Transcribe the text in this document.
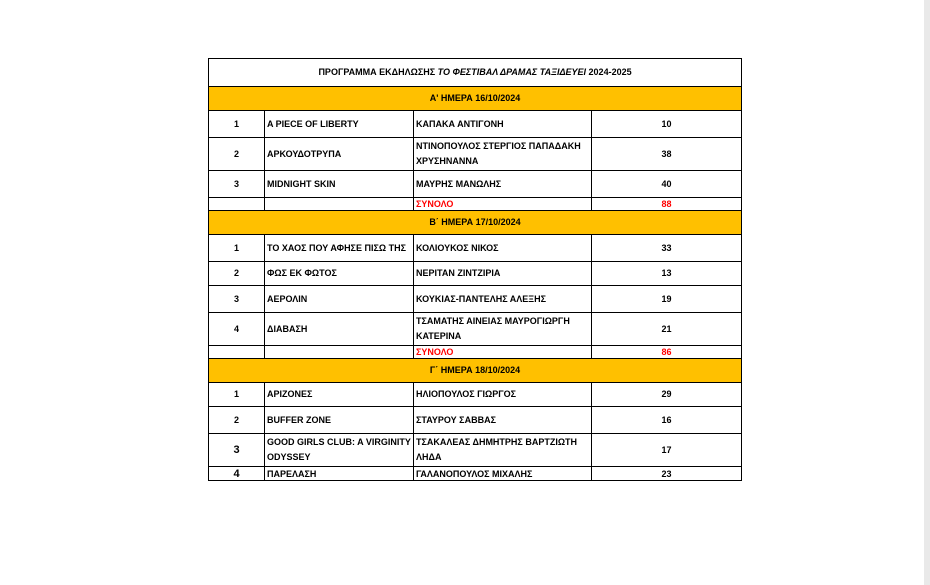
ΠΡΟΓΡΑΜΜΑ ΕΚΔΗΛΩΣΗΣ ΤΟ ΦΕΣΤΙΒΑΛ ΔΡΑΜΑΣ ΤΑΞΙΔΕΥΕΙ 2024-2025			
Α' ΗΜΕΡΑ 16/10/2024			
1	A PIECE OF LIBERTY	ΚΑΠΑΚΑ ΑΝΤΙΓΟΝΗ	10
2	ΑΡΚΟΥΔΟΤΡΥΠΑ	ΝΤΙΝΟΠΟΥΛΟΣ ΣΤΕΡΓΙΟΣ ΠΑΠΑΔΑΚΗ ΧΡΥΣΗΝΑΝΝΑ	38
3	MIDNIGHT SKIN	ΜΑΥΡΗΣ ΜΑΝΩΛΗΣ	40
		ΣΥΝΟΛΟ	88
Β΄ ΗΜΕΡΑ 17/10/2024			
1	ΤΟ ΧΑΟΣ ΠΟΥ ΑΦΗΣΕ ΠΙΣΩ ΤΗΣ	ΚΟΛΙΟΥΚΟΣ ΝΙΚΟΣ	33
2	ΦΩΣ ΕΚ ΦΩΤΟΣ	ΝΕΡΙΤΑΝ ΖΙΝΤΖΙΡΙΑ	13
3	ΑΕΡΟΛΙΝ	ΚΟΥΚΙΑΣ-ΠΑΝΤΕΛΗΣ ΑΛΕΞΗΣ	19
4	ΔΙΑΒΑΣΗ	ΤΣΑΜΑΤΗΣ ΑΙΝΕΙΑΣ ΜΑΥΡΟΓΙΩΡΓΗ ΚΑΤΕΡΙΝΑ	21
		ΣΥΝΟΛΟ	86
Γ΄ ΗΜΕΡΑ 18/10/2024			
1	ΑΡΙΖΟΝΕΣ	ΗΛΙΟΠΟΥΛΟΣ ΓΙΩΡΓΟΣ	29
2	BUFFER ZONE	ΣΤΑΥΡΟΥ ΣΑΒΒΑΣ	16
3	GOOD GIRLS CLUB: A VIRGINITY ODYSSEY	ΤΣΑΚΑΛΕΑΣ ΔΗΜΗΤΡΗΣ ΒΑΡΤΖΙΩΤΗ ΛΗΔΑ	17
4	ΠΑΡΕΛΑΣΗ	ΓΑΛΑΝΟΠΟΥΛΟΣ ΜΙΧΑΛΗΣ	23
